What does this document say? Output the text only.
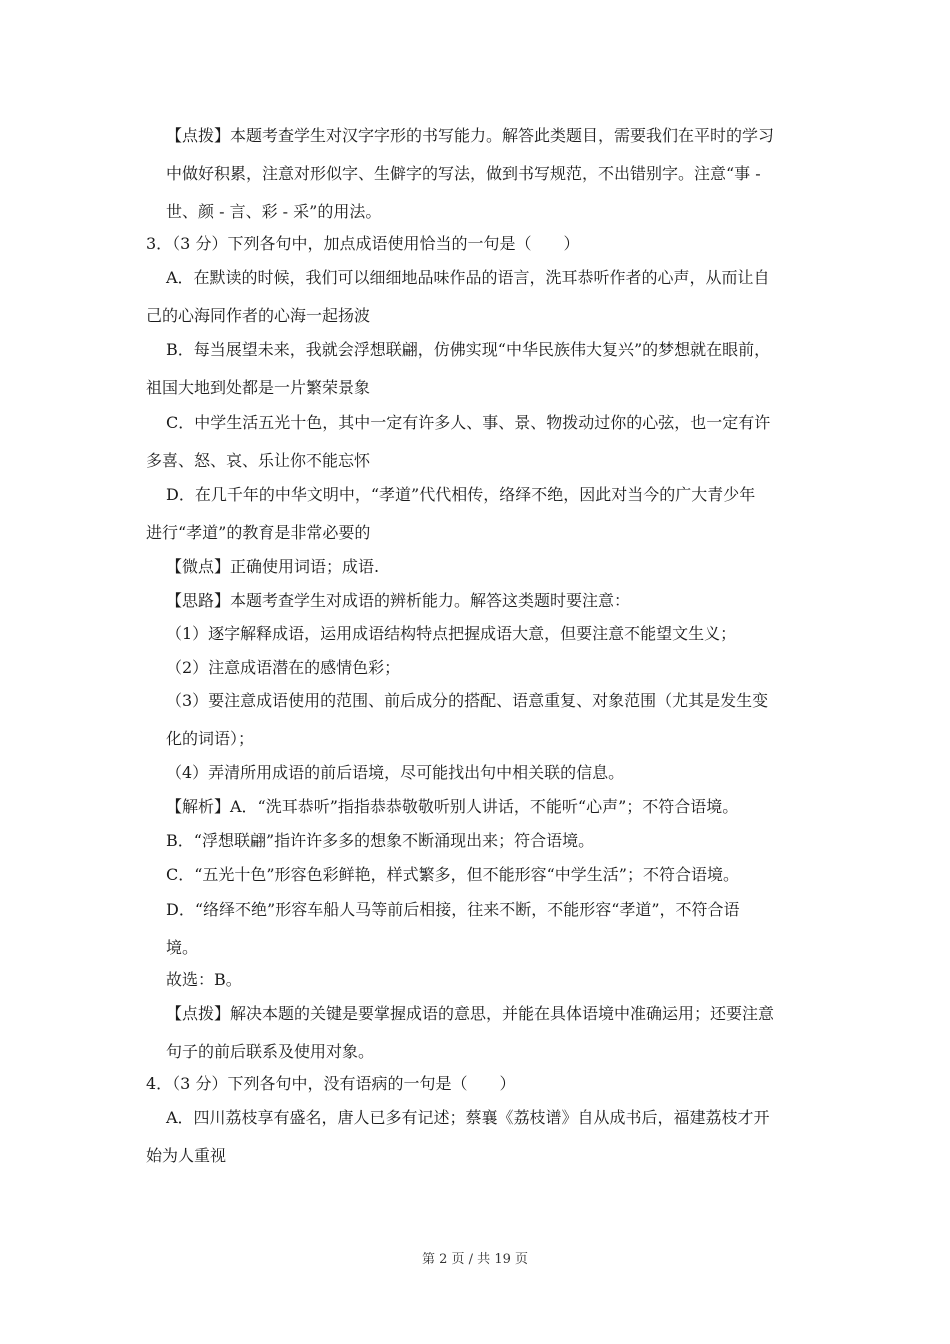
【点拨】本题考查学生对汉字字形的书写能力。解答此类题目，需要我们在平时的学习
中做好积累，注意对形似字、生僻字的写法，做到书写规范，不出错别字。注意“事 -
世、颜 - 言、彩 - 采”的用法。
3．（3 分）下列各句中，加点成语使用恰当的一句是（　　）
A．在默读的时候，我们可以细细地品味作品的语言，洗耳恭听作者的心声，从而让自
己的心海同作者的心海一起扬波
B．每当展望未来，我就会浮想联翩，仿佛实现“中华民族伟大复兴”的梦想就在眼前，
祖国大地到处都是一片繁荣景象
C．中学生活五光十色，其中一定有许多人、事、景、物拨动过你的心弦，也一定有许
多喜、怒、哀、乐让你不能忘怀
D．在几千年的中华文明中，“孝道”代代相传，络绎不绝，因此对当今的广大青少年
进行“孝道”的教育是非常必要的
【微点】正确使用词语；成语.
【思路】本题考查学生对成语的辨析能力。解答这类题时要注意：
（1）逐字解释成语，运用成语结构特点把握成语大意，但要注意不能望文生义；
（2）注意成语潜在的感情色彩；
（3）要注意成语使用的范围、前后成分的搭配、语意重复、对象范围（尤其是发生变
化的词语）；
（4）弄清所用成语的前后语境，尽可能找出句中相关联的信息。
【解析】A．“洗耳恭听”指指恭恭敬敬听别人讲话，不能听“心声”；不符合语境。
B．“浮想联翩”指许许多多的想象不断涌现出来；符合语境。
C．“五光十色”形容色彩鲜艳，样式繁多，但不能形容“中学生活”；不符合语境。
D．“络绎不绝”形容车船人马等前后相接，往来不断，不能形容“孝道”，不符合语
境。
故选：B。
【点拨】解决本题的关键是要掌握成语的意思，并能在具体语境中准确运用；还要注意
句子的前后联系及使用对象。
4．（3 分）下列各句中，没有语病的一句是（　　）
A．四川荔枝享有盛名，唐人已多有记述；蔡襄《荔枝谱》自从成书后，福建荔枝才开
始为人重视
第 2 页 / 共 19 页
